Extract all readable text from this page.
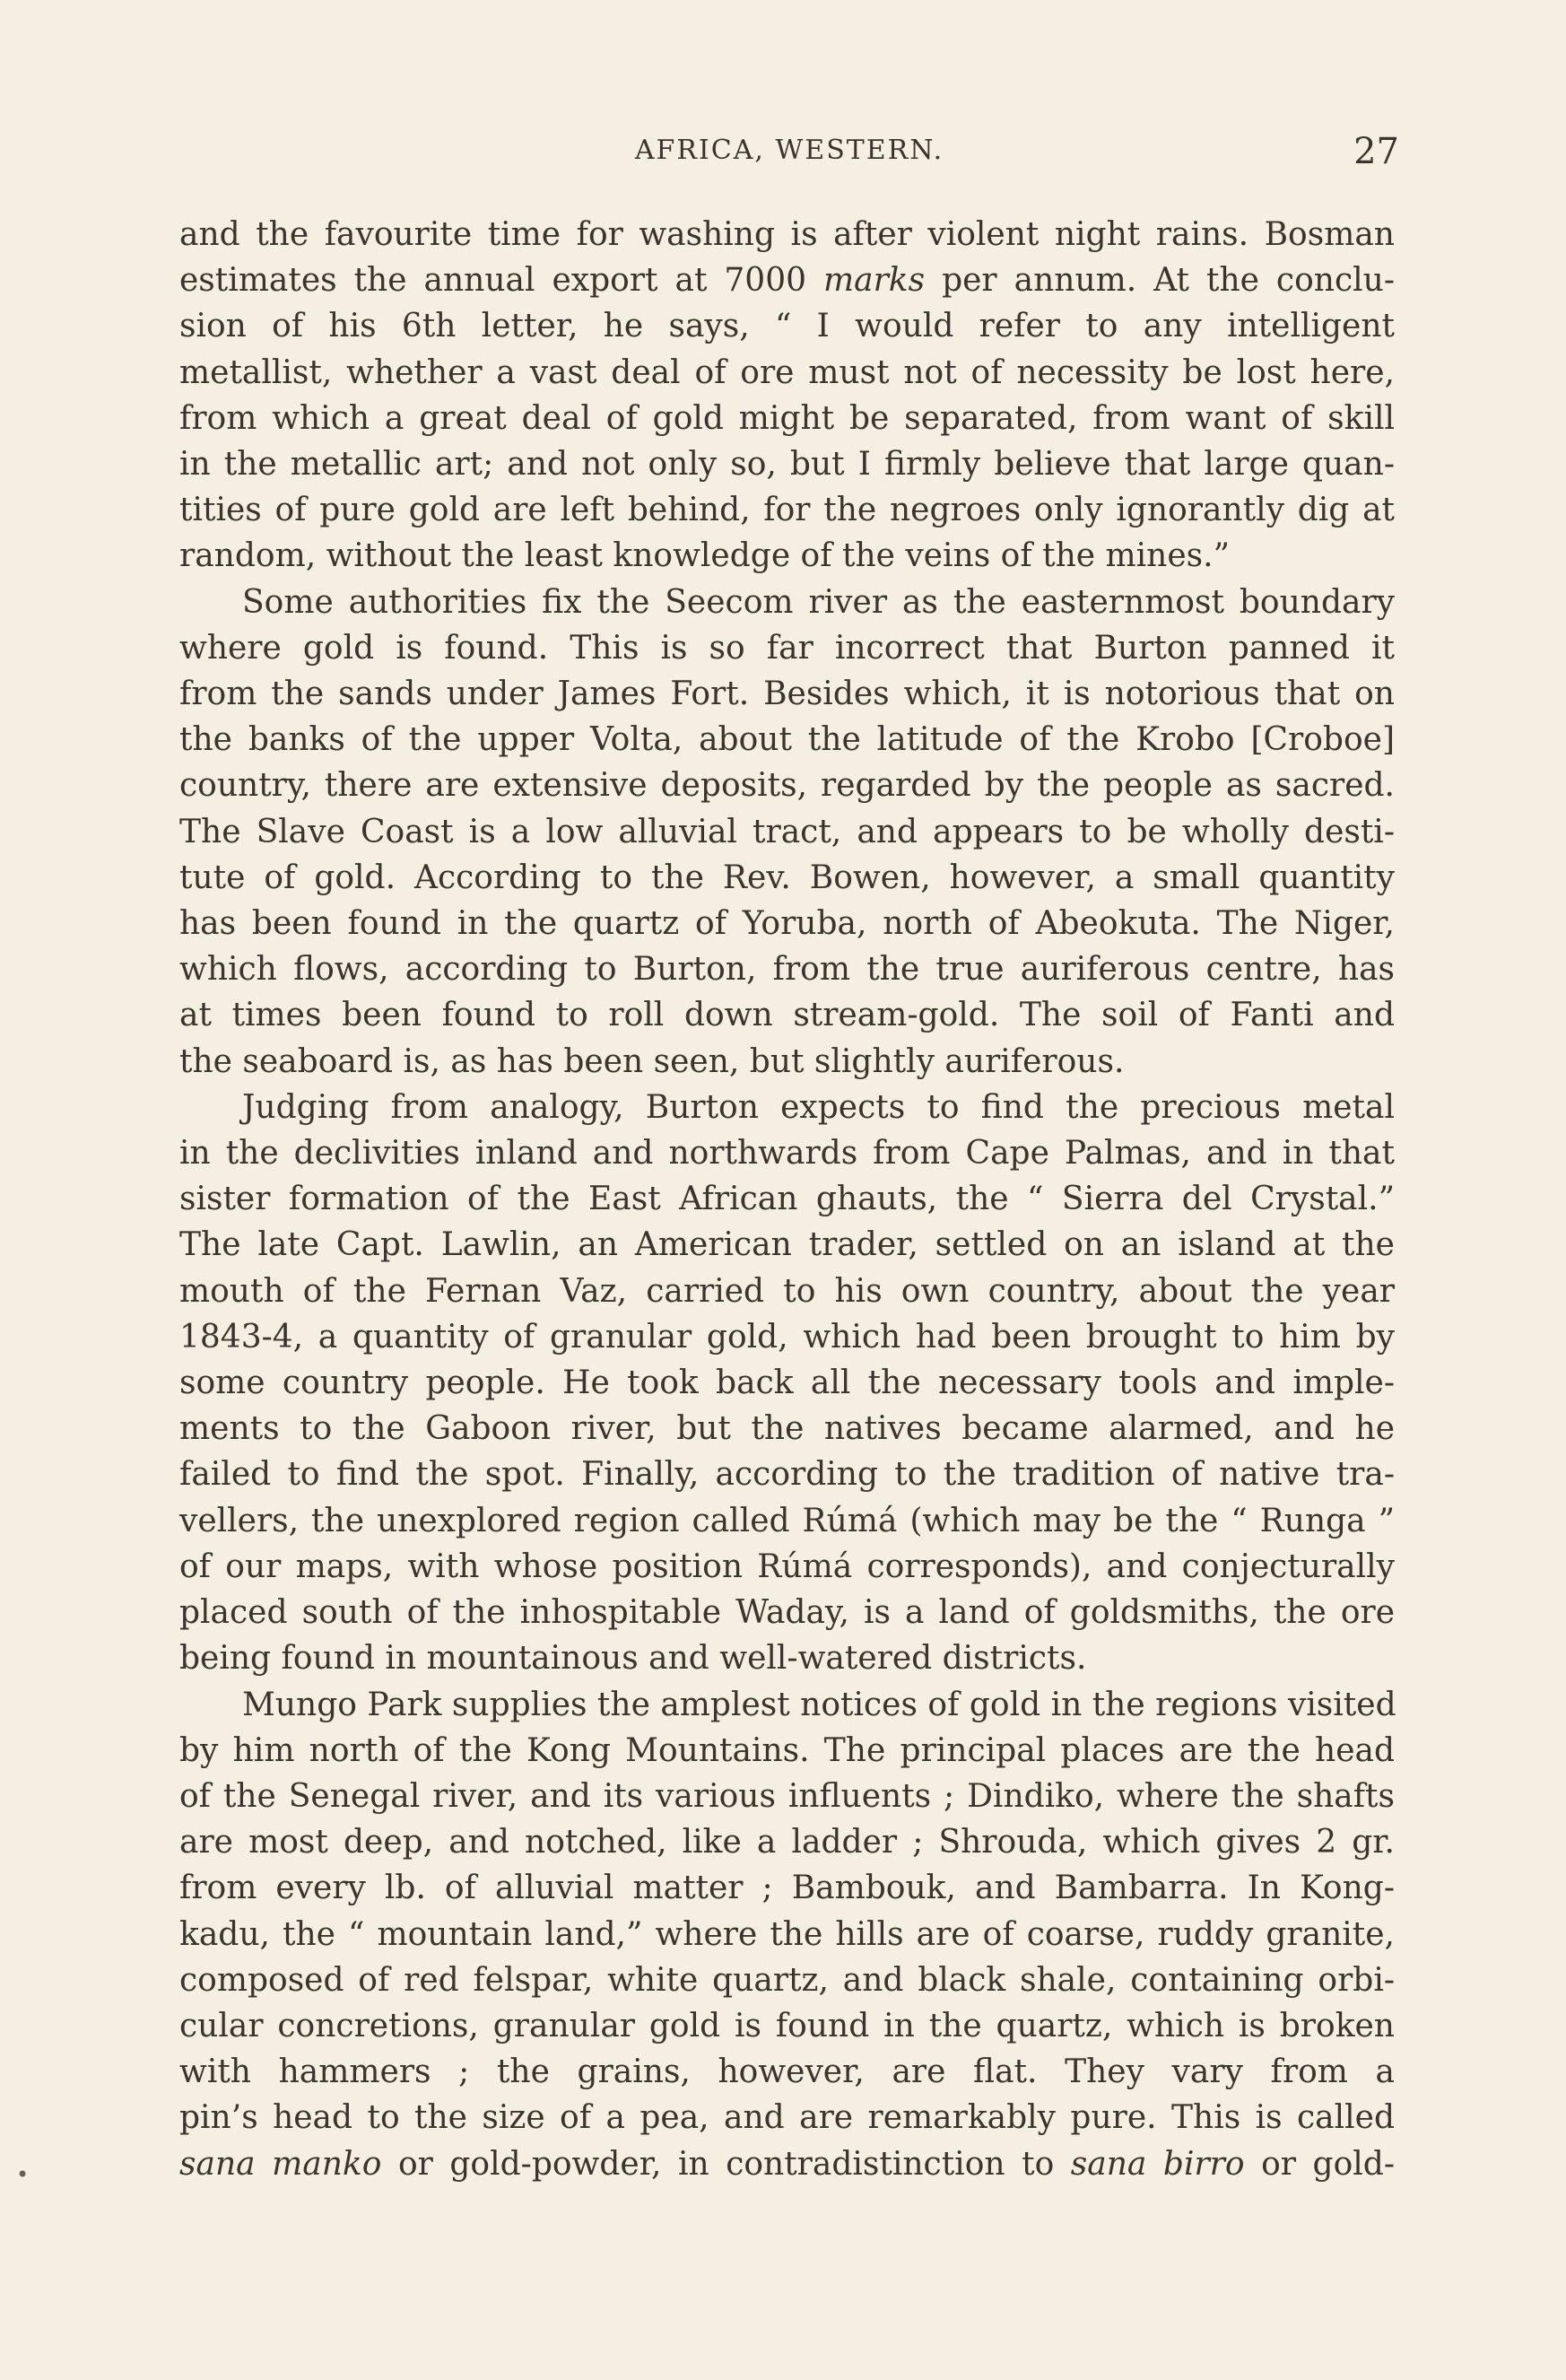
AFRICA, WESTERN.	27
and the favourite time for washing is after violent night rains. Bosman
estimates the annual export at 7000 marks per annum. At the conclu-
sion of his 6th letter, he says, “ I would refer to any intelligent
metallist, whether a vast deal of ore must not of necessity be lost here,
from which a great deal of gold might be separated, from want of skill
in the metallic art; and not only so, but I firmly believe that large quan-
tities of pure gold are left behind, for the negroes only ignorantly dig at
random, without the least knowledge of the veins of the mines.”
Some authorities fix the Seecom river as the easternmost boundary
where gold is found. This is so far incorrect that Burton panned it
from the sands under James Fort. Besides which, it is notorious that on
the banks of the upper Volta, about the latitude of the Krobo [Croboe]
country, there are extensive deposits, regarded by the people as sacred.
The Slave Coast is a low alluvial tract, and appears to be wholly desti-
tute of gold. According to the Rev. Bowen, however, a small quantity
has been found in the quartz of Yoruba, north of Abeokuta. The Niger,
which flows, according to Burton, from the true auriferous centre, has
at times been found to roll down stream-gold. The soil of Fanti and
the seaboard is, as has been seen, but slightly auriferous.
Judging from analogy, Burton expects to find the precious metal
in the declivities inland and northwards from Cape Palmas, and in that
sister formation of the East African ghauts, the “ Sierra del Crystal.”
The late Capt. Lawlin, an American trader, settled on an island at the
mouth of the Fernan Vaz, carried to his own country, about the year
1843-4, a quantity of granular gold, which had been brought to him by
some country people. He took back all the necessary tools and imple-
ments to the Gaboon river, but the natives became alarmed, and he
failed to find the spot. Finally, according to the tradition of native tra-
vellers, the unexplored region called Rúmá (which may be the “ Runga ”
of our maps, with whose position Rúmá corresponds), and conjecturally
placed south of the inhospitable Waday, is a land of goldsmiths, the ore
being found in mountainous and well-watered districts.
Mungo Park supplies the amplest notices of gold in the regions visited
by him north of the Kong Mountains. The principal places are the head
of the Senegal river, and its various influents ; Dindiko, where the shafts
are most deep, and notched, like a ladder ; Shrouda, which gives 2 gr.
from every lb. of alluvial matter ; Bambouk, and Bambarra. In Kong-
kadu, the “ mountain land,” where the hills are of coarse, ruddy granite,
composed of red felspar, white quartz, and black shale, containing orbi-
cular concretions, granular gold is found in the quartz, which is broken
with hammers ; the grains, however, are flat. They vary from a
pin’s head to the size of a pea, and are remarkably pure. This is called
sana manko or gold-powder, in contradistinction to sana birro or gold-
•
